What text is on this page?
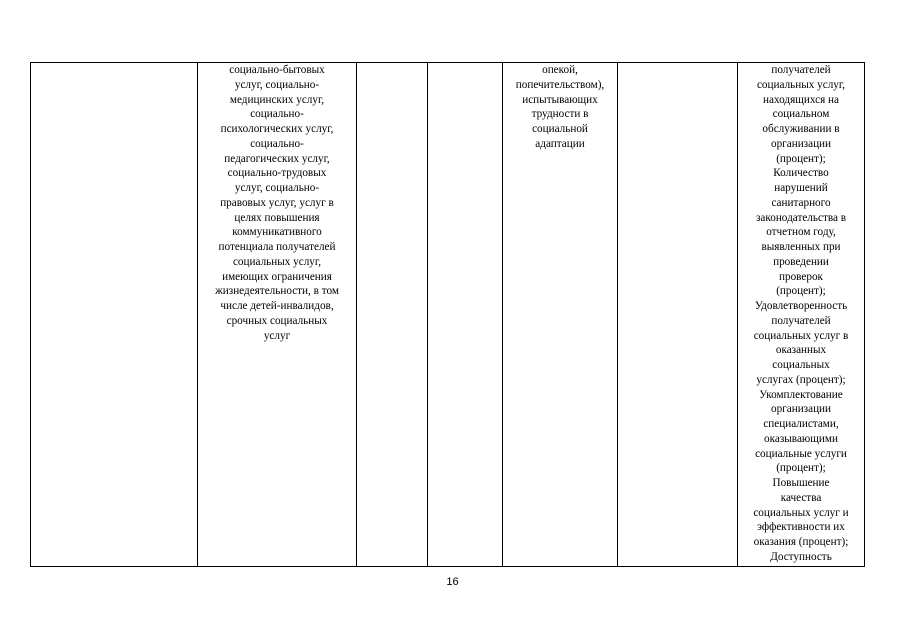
	социально-бытовых
услуг, социально-
медицинских услуг,
социально-
психологических услуг,
социально-
педагогических услуг,
социально-трудовых
услуг, социально-
правовых услуг, услуг в
целях повышения
коммуникативного
потенциала получателей
социальных услуг,
имеющих ограничения
жизнедеятельности, в том
числе детей-инвалидов,
срочных социальных
услуг			опекой,
попечительством),
испытывающих
трудности в
социальной
адаптации		получателей
социальных услуг,
находящихся на
социальном
обслуживании в
организации
(процент);
Количество
нарушений
санитарного
законодательства в
отчетном году,
выявленных при
проведении
проверок
(процент);
Удовлетворенность
получателей
социальных услуг в
оказанных
социальных
услугах (процент);
Укомплектование
организации
специалистами,
оказывающими
социальные услуги
(процент);
Повышение
качества
социальных услуг и
эффективности их
оказания (процент);
Доступность
16
